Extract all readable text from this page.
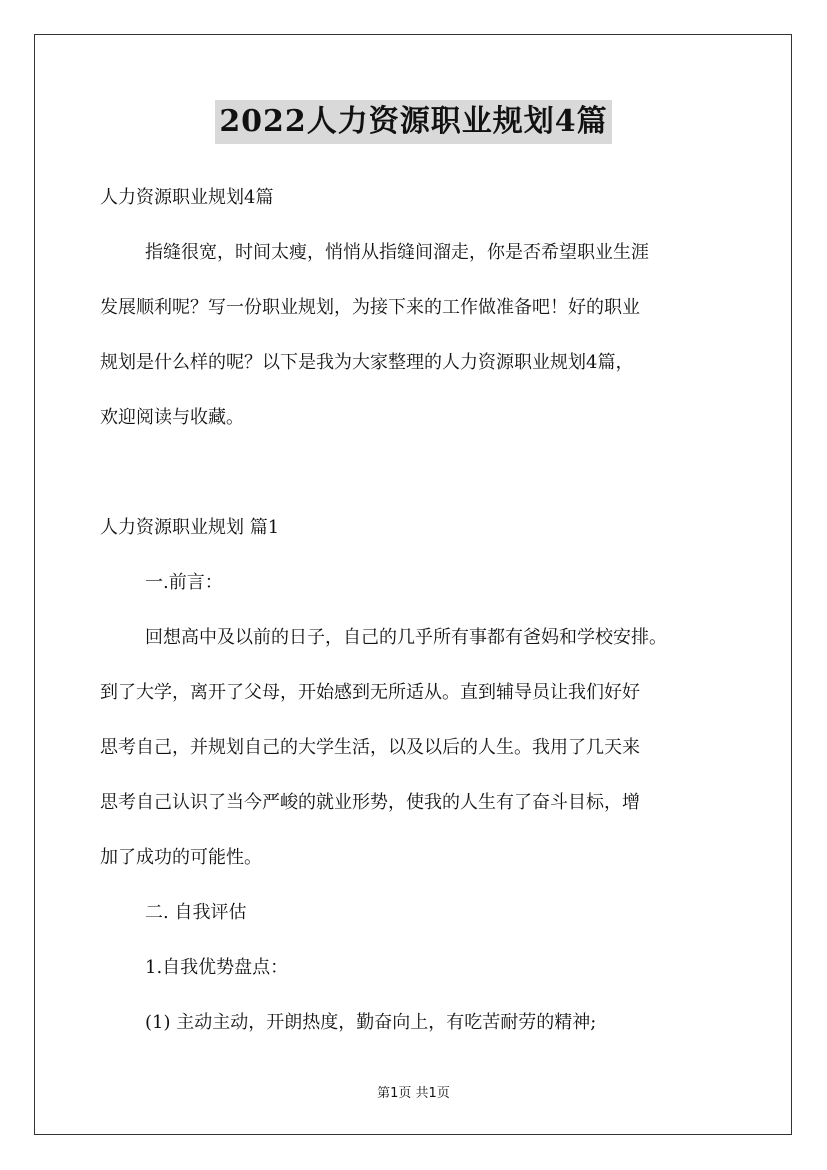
2022人力资源职业规划4篇
人力资源职业规划4篇
指缝很宽，时间太瘦，悄悄从指缝间溜走，你是否希望职业生涯
发展顺利呢？写一份职业规划，为接下来的工作做准备吧！好的职业
规划是什么样的呢？以下是我为大家整理的人力资源职业规划4篇，
欢迎阅读与收藏。
人力资源职业规划 篇1
一.前言：
回想高中及以前的日子，自己的几乎所有事都有爸妈和学校安排。
到了大学，离开了父母，开始感到无所适从。直到辅导员让我们好好
思考自己，并规划自己的大学生活，以及以后的人生。我用了几天来
思考自己认识了当今严峻的就业形势，使我的人生有了奋斗目标，增
加了成功的可能性。
二. 自我评估
1.自我优势盘点：
(1) 主动主动，开朗热度，勤奋向上，有吃苦耐劳的精神;
第1页 共1页
